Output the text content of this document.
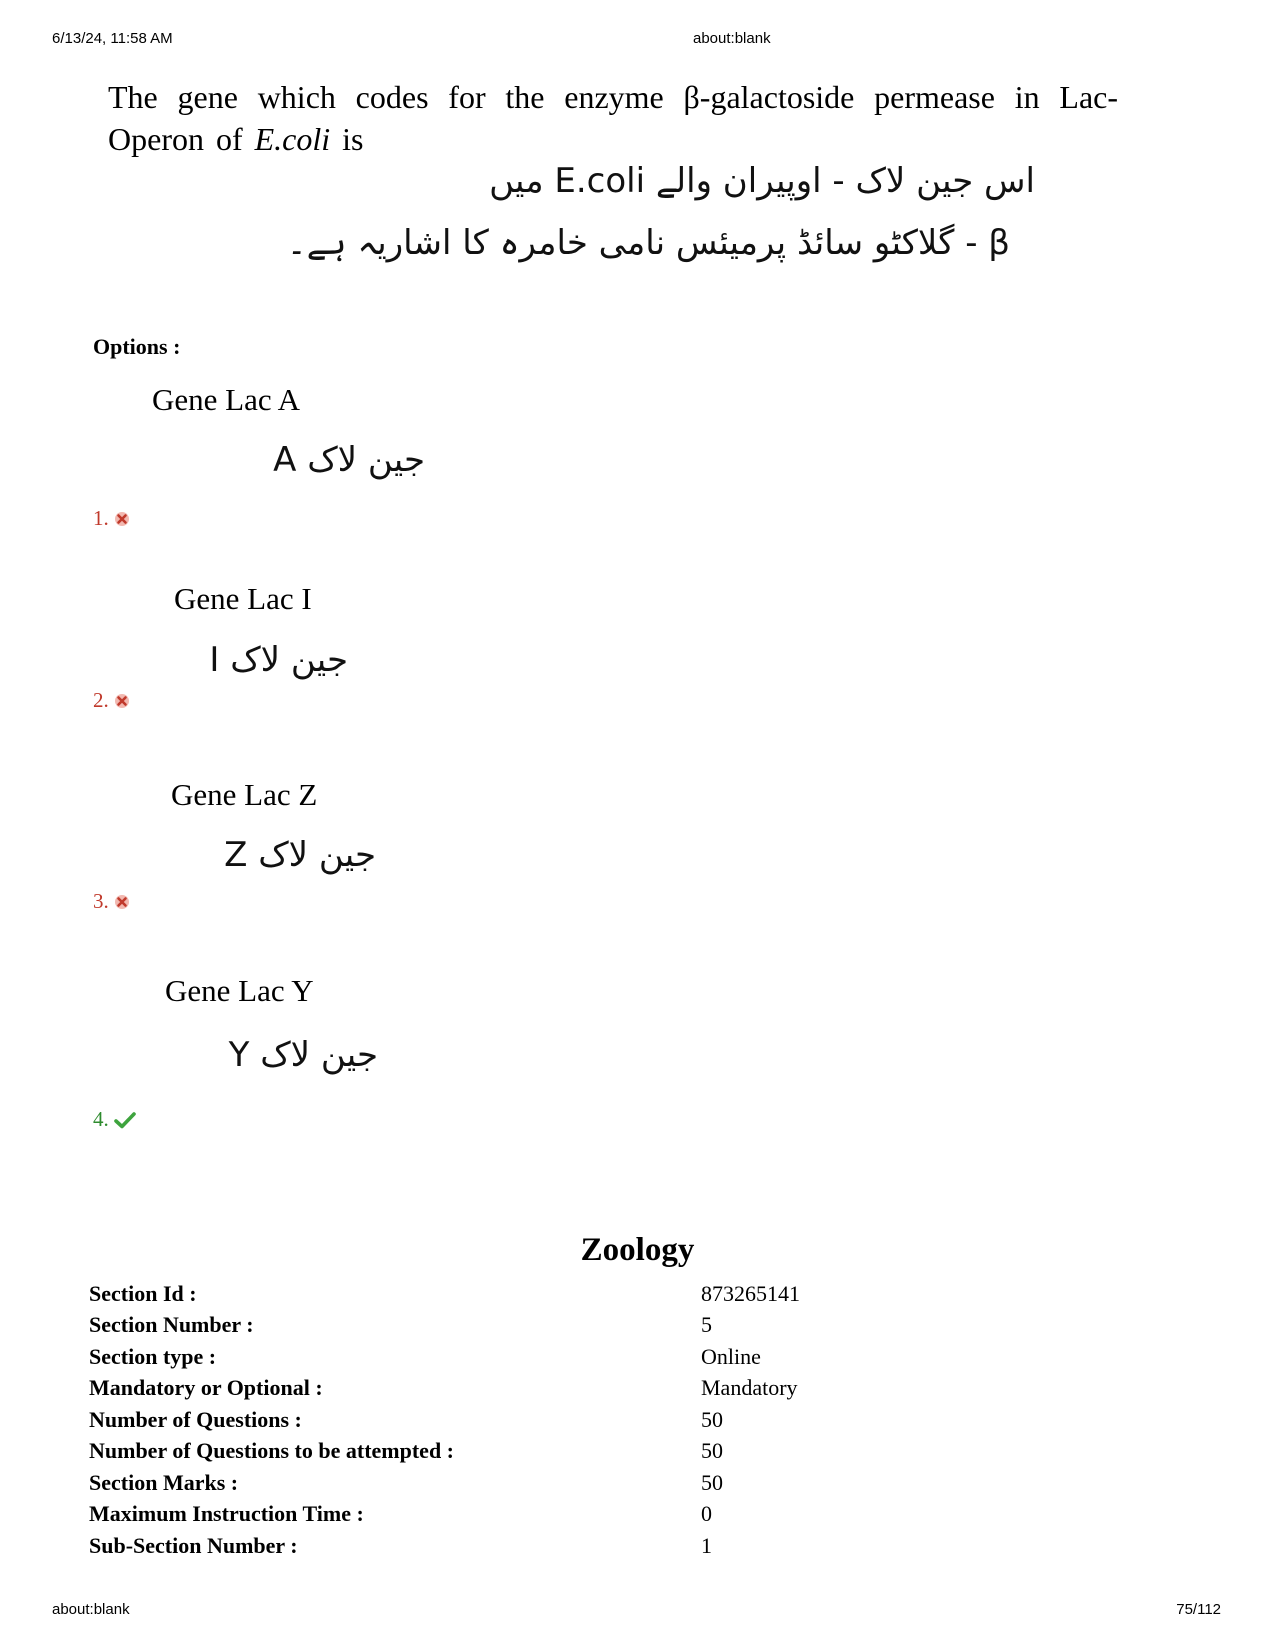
6/13/24, 11:58 AM	about:blank
The gene which codes for the enzyme β-galactoside permease in Lac-Operon of E.coli is
اس جین لاک - اوپیران والے E.coli میں
β - گلاکٹو سائڈ پرمیئس نامی خامرہ کا اشاریہ ہے۔
Options :
Gene Lac A
جین لاک A
1.
Gene Lac I
جین لاک I
2.
Gene Lac Z
جین لاک Z
3.
Gene Lac Y
جین لاک Y
4.
Zoology
Section Id :	873265141
Section Number :	5
Section type :	Online
Mandatory or Optional :	Mandatory
Number of Questions :	50
Number of Questions to be attempted :	50
Section Marks :	50
Maximum Instruction Time :	0
Sub-Section Number :	1
about:blank	75/112
